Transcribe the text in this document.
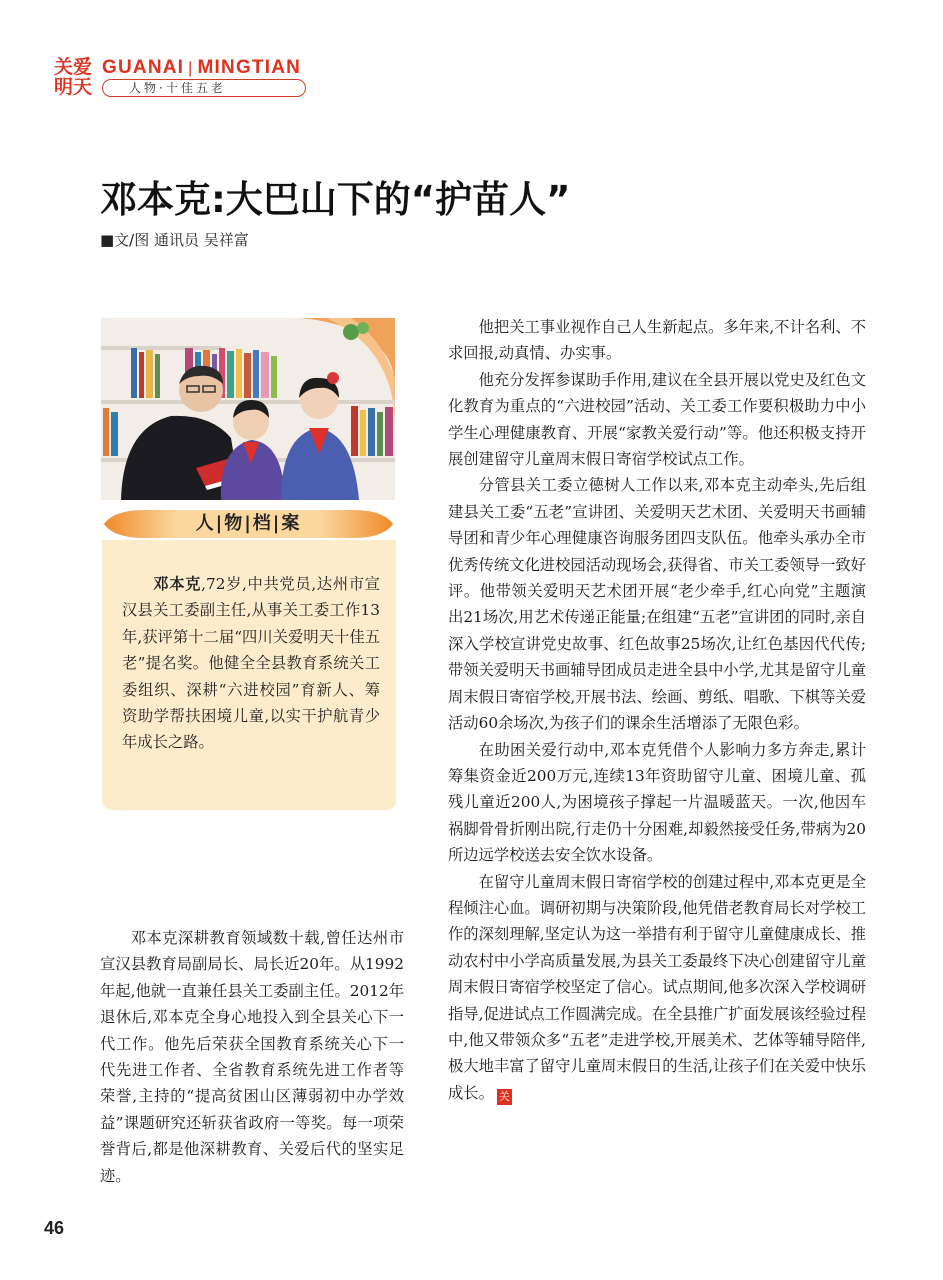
关爱
明天
GUANAI | MINGTIAN
人物·十佳五老
邓本克:大巴山下的“护苗人”
■文/图 通讯员 吴祥富
人|物|档|案

邓本克,72岁,中共党员,达州市宣汉县关工委副主任,从事关工委工作13年,获评第十二届“四川关爱明天十佳五老”提名奖。他健全全县教育系统关工委组织、深耕“六进校园”育新人、筹资助学帮扶困境儿童,以实干护航青少年成长之路。

邓本克深耕教育领域数十载,曾任达州市宣汉县教育局副局长、局长近20年。从1992年起,他就一直兼任县关工委副主任。2012年退休后,邓本克全身心地投入到全县关心下一代工作。他先后荣获全国教育系统关心下一代先进工作者、全省教育系统先进工作者等荣誉,主持的“提高贫困山区薄弱初中办学效益”课题研究还斩获省政府一等奖。每一项荣誉背后,都是他深耕教育、关爱后代的坚实足迹。

他把关工事业视作自己人生新起点。多年来,不计名利、不求回报,动真情、办实事。

他充分发挥参谋助手作用,建议在全县开展以党史及红色文化教育为重点的“六进校园”活动、关工委工作要积极助力中小学生心理健康教育、开展“家教关爱行动”等。他还积极支持开展创建留守儿童周末假日寄宿学校试点工作。

分管县关工委立德树人工作以来,邓本克主动牵头,先后组建县关工委“五老”宣讲团、关爱明天艺术团、关爱明天书画辅导团和青少年心理健康咨询服务团四支队伍。他牵头承办全市优秀传统文化进校园活动现场会,获得省、市关工委领导一致好评。他带领关爱明天艺术团开展“老少牵手,红心向党”主题演出21场次,用艺术传递正能量;在组建“五老”宣讲团的同时,亲自深入学校宣讲党史故事、红色故事25场次,让红色基因代代传;带领关爱明天书画辅导团成员走进全县中小学,尤其是留守儿童周末假日寄宿学校,开展书法、绘画、剪纸、唱歌、下棋等关爱活动60余场次,为孩子们的课余生活增添了无限色彩。

在助困关爱行动中,邓本克凭借个人影响力多方奔走,累计筹集资金近200万元,连续13年资助留守儿童、困境儿童、孤残儿童近200人,为困境孩子撑起一片温暖蓝天。一次,他因车祸脚骨骨折刚出院,行走仍十分困难,却毅然接受任务,带病为20所边远学校送去安全饮水设备。

在留守儿童周末假日寄宿学校的创建过程中,邓本克更是全程倾注心血。调研初期与决策阶段,他凭借老教育局长对学校工作的深刻理解,坚定认为这一举措有利于留守儿童健康成长、推动农村中小学高质量发展,为县关工委最终下决心创建留守儿童周末假日寄宿学校坚定了信心。试点期间,他多次深入学校调研指导,促进试点工作圆满完成。在全县推广扩面发展该经验过程中,他又带领众多“五老”走进学校,开展美术、艺体等辅导陪伴,极大地丰富了留守儿童周末假日的生活,让孩子们在关爱中快乐成长。 关

46
